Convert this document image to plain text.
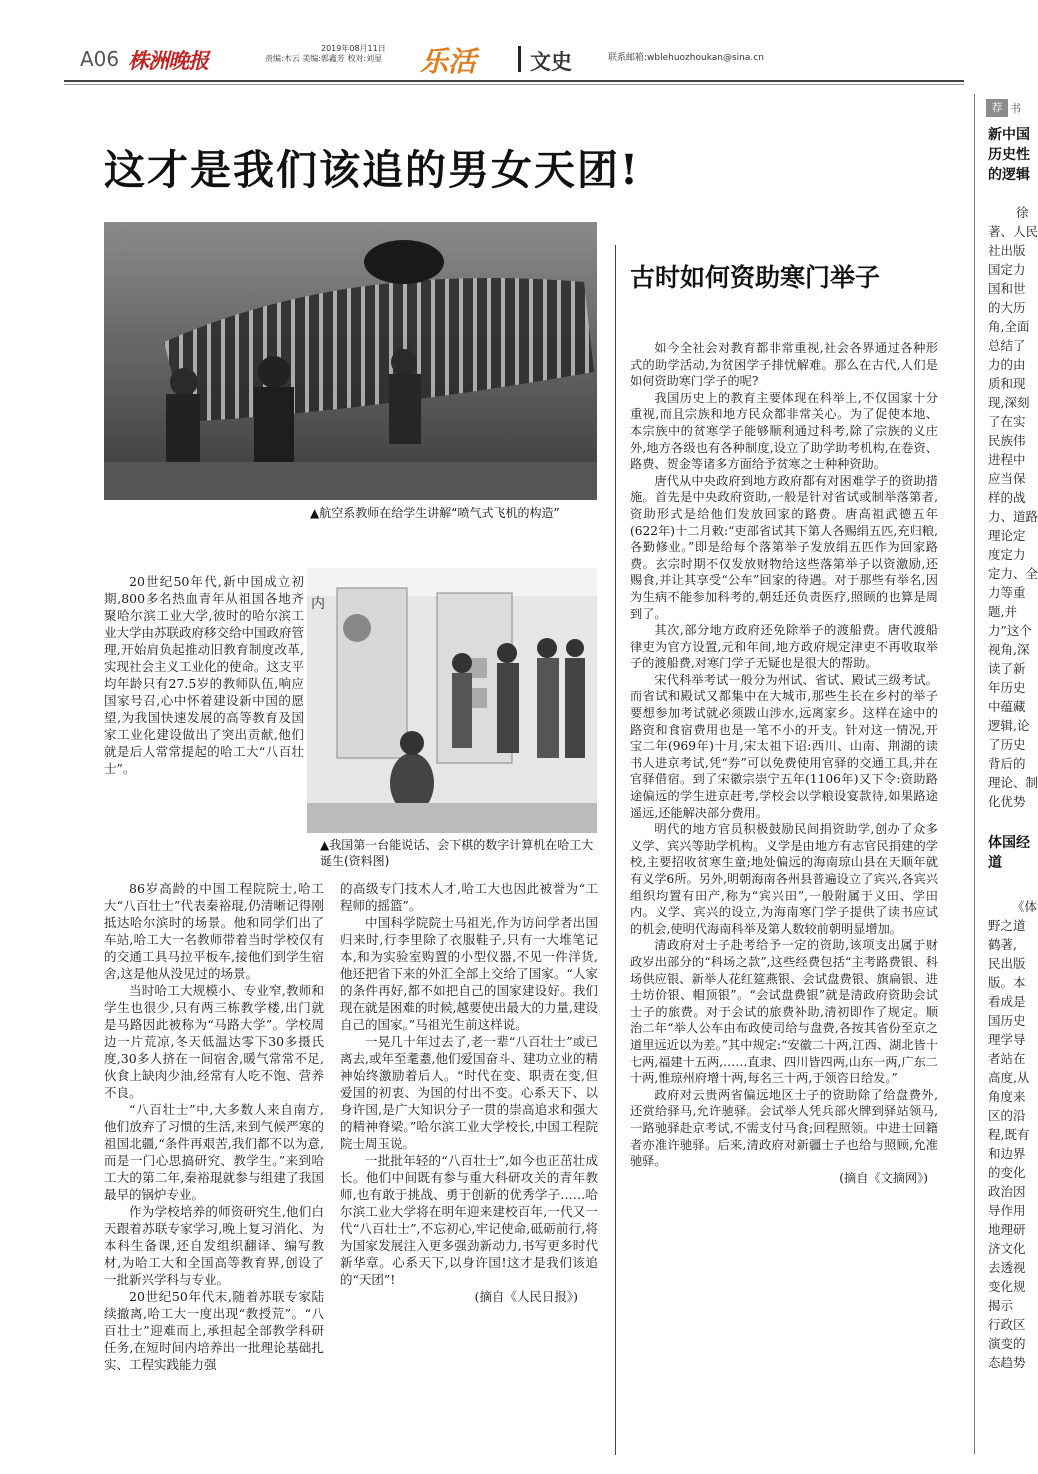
A06 株洲晚报	2019年08月11日
责编:木云 美编:郭鑫芳 校对:刘显 乐活	文史	联系邮箱:wblehuozhoukan@sina.cn
这才是我们该追的男女天团!
▲航空系教师在给学生讲解“喷气式飞机的构造”
内
▲我国第一台能说话、会下棋的数字计算机在哈工大诞生(资料图)

20世纪50年代,新中国成立初期,800多名热血青年从祖国各地齐聚哈尔滨工业大学,彼时的哈尔滨工业大学由苏联政府移交给中国政府管理,开始肩负起推动旧教育制度改革,实现社会主义工业化的使命。这支平均年龄只有27.5岁的教师队伍,响应国家号召,心中怀着建设新中国的愿望,为我国快速发展的高等教育及国家工业化建设做出了突出贡献,他们就是后人常常提起的哈工大“八百壮士”。

86岁高龄的中国工程院院士,哈工大“八百壮士”代表秦裕琨,仍清晰记得刚抵达哈尔滨时的场景。他和同学们出了车站,哈工大一名教师带着当时学校仅有的交通工具马拉平板车,接他们到学生宿舍,这是他从没见过的场景。

当时哈工大规模小、专业窄,教师和学生也很少,只有两三栋教学楼,出门就是马路因此被称为“马路大学”。学校周边一片荒凉,冬天低温达零下30多摄氏度,30多人挤在一间宿舍,暖气常常不足,伙食上缺肉少油,经常有人吃不饱、营养不良。

“八百壮士”中,大多数人来自南方,他们放弃了习惯的生活,来到气候严寒的祖国北疆,“条件再艰苦,我们都不以为意,而是一门心思搞研究、教学生。”来到哈工大的第二年,秦裕琨就参与组建了我国最早的锅炉专业。

作为学校培养的师资研究生,他们白天跟着苏联专家学习,晚上复习消化、为本科生备课,还自发组织翻译、编写教材,为哈工大和全国高等教育界,创设了一批新兴学科与专业。

20世纪50年代末,随着苏联专家陆续撤离,哈工大一度出现“教授荒”。“八百壮士”迎难而上,承担起全部教学科研任务,在短时间内培养出一批理论基础扎实、工程实践能力强

的高级专门技术人才,哈工大也因此被誉为“工程师的摇篮”。

中国科学院院士马祖光,作为访问学者出国归来时,行李里除了衣服鞋子,只有一大堆笔记本,和为实验室购置的小型仪器,不见一件洋货,他还把省下来的外汇全部上交给了国家。“人家的条件再好,都不如把自己的国家建设好。我们现在就是困难的时候,越要使出最大的力量,建设自己的国家。”马祖光生前这样说。

一晃几十年过去了,老一辈“八百壮士”或已离去,或年至耄耋,他们爱国奋斗、建功立业的精神始终激励着后人。“时代在变、职责在变,但爱国的初衷、为国的付出不变。心系天下、以身许国,是广大知识分子一贯的崇高追求和强大的精神脊梁。”哈尔滨工业大学校长,中国工程院院士周玉说。

一批批年轻的“八百壮士”,如今也正茁壮成长。他们中间既有参与重大科研攻关的青年教师,也有敢于挑战、勇于创新的优秀学子……哈尔滨工业大学将在明年迎来建校百年,一代又一代“八百壮士”,不忘初心,牢记使命,砥砺前行,将为国家发展注入更多强劲新动力,书写更多时代新华章。心系天下,以身许国!这才是我们该追的“天团”!

(摘自《人民日报》)
古时如何资助寒门举子

如今全社会对教育都非常重视,社会各界通过各种形式的助学活动,为贫困学子排忧解难。那么在古代,人们是如何资助寒门学子的呢?

我国历史上的教育主要体现在科举上,不仅国家十分重视,而且宗族和地方民众都非常关心。为了促使本地、本宗族中的贫寒学子能够顺利通过科考,除了宗族的义庄外,地方各级也有各种制度,设立了助学助考机构,在卷资、路费、贺金等诸多方面给予贫寒之士种种资助。

唐代从中央政府到地方政府都有对困难学子的资助措施。首先是中央政府资助,一般是针对省试或制举落第者,资助形式是给他们发放回家的路费。唐高祖武德五年(622年)十二月敕:“吏部省试其下第人各赐绢五匹,充归粮,各勤修业。”即是给每个落第举子发放绢五匹作为回家路费。玄宗时期不仅发放财物给这些落第举子以资激励,还赐食,并让其享受“公车”回家的待遇。对于那些有举名,因为生病不能参加科考的,朝廷还负责医疗,照顾的也算是周到了。

其次,部分地方政府还免除举子的渡船费。唐代渡船律吏为官方设置,元和年间,地方政府规定津吏不再收取举子的渡船费,对寒门学子无疑也是很大的帮助。

宋代科举考试一般分为州试、省试、殿试三级考试。而省试和殿试又都集中在大城市,那些生长在乡村的举子要想参加考试就必须跋山涉水,远离家乡。这样在途中的路资和食宿费用也是一笔不小的开支。针对这一情况,开宝二年(969年)十月,宋太祖下诏:西川、山南、荆湖的读书人进京考试,凭“券”可以免费使用官驿的交通工具,并在官驿借宿。到了宋徽宗崇宁五年(1106年)又下令:资助路途偏远的学生进京赶考,学校会以学粮设宴款待,如果路途遥远,还能解决部分费用。

明代的地方官员积极鼓励民间捐资助学,创办了众多义学、宾兴等助学机构。义学是由地方有志官民捐建的学校,主要招收贫寒生童;地处偏远的海南琼山县在天顺年就有义学6所。另外,明朝海南各州县普遍设立了宾兴,各宾兴组织均置有田产,称为“宾兴田”,一般附属于义田、学田内。义学、宾兴的设立,为海南寒门学子提供了读书应试的机会,使明代海南科举及第人数较前朝明显增加。

清政府对士子赴考给予一定的资助,该项支出属于财政岁出部分的“科场之款”,这些经费包括“主考路费银、科场供应银、新举人花红筵燕银、会试盘费银、旗扁银、进士坊价银、帽顶银”。“会试盘费银”就是清政府资助会试士子的旅费。对于会试的旅费补助,清初即作了规定。顺治二年“举人公车由布政使司给与盘费,各按其省份至京之道里远近以为差。”其中规定:“安徽二十两,江西、湖北皆十七两,福建十五两,……直隶、四川皆四两,山东一两,广东二十两,惟琼州府增十两,每名三十两,于领咨日给发。”

政府对云贵两省偏远地区士子的资助除了给盘费外,还赏给驿马,允许驰驿。会试举人凭兵部火牌到驿站领马,一路驰驿赴京考试,不需支付马食;回程照领。中进士回籍者亦准许驰驿。后来,清政府对新疆士子也给与照顾,允准驰驿。

(摘自《文摘网》)
荐 书
新中国
历史性
的逻辑
徐
著、人民
社出版
国定力
国和世
的大历
角,全面
总结了
力的由
质和现
现,深刻
了在实
民族伟
进程中
应当保
样的战
力、道路
理论定
度定力
定力、全
力等重
题,并
力”这个
视角,深
读了新
年历史
中蕴藏
逻辑,论
了历史
背后的
理论、制
化优势
体国经
道
《体
野之道
鹤著,
民出版
版。本
看成是
国历史
理学导
者站在
高度,从
角度来
区的沿
程,既有
和边界
的变化
政治因
导作用
地理研
济文化
去透视
变化规
揭示
行政区
演变的
态趋势
